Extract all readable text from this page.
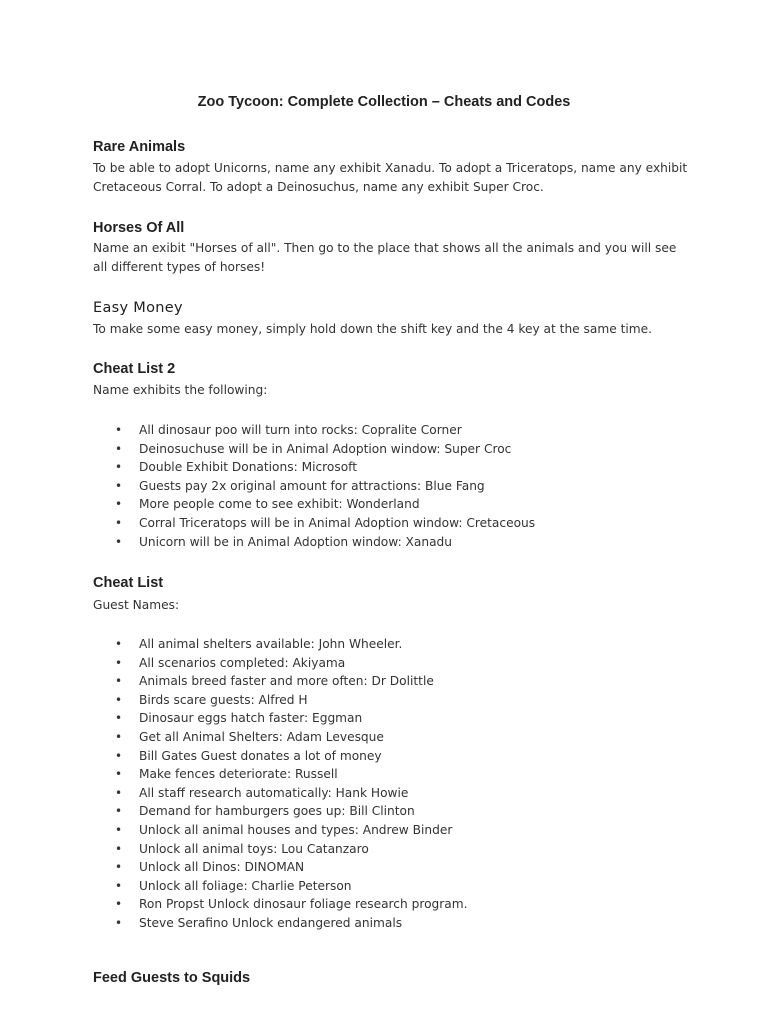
Zoo Tycoon: Complete Collection – Cheats and Codes
Rare Animals
To be able to adopt Unicorns, name any exhibit Xanadu. To adopt a Triceratops, name any exhibit Cretaceous Corral. To adopt a Deinosuchus, name any exhibit Super Croc.
Horses Of All
Name an exibit "Horses of all". Then go to the place that shows all the animals and you will see all different types of horses!
Easy Money
To make some easy money, simply hold down the shift key and the 4 key at the same time.
Cheat List 2
Name exhibits the following:
• All dinosaur poo will turn into rocks: Copralite Corner
• Deinosuchuse will be in Animal Adoption window: Super Croc
• Double Exhibit Donations: Microsoft
• Guests pay 2x original amount for attractions: Blue Fang
• More people come to see exhibit: Wonderland
• Corral Triceratops will be in Animal Adoption window: Cretaceous
• Unicorn will be in Animal Adoption window: Xanadu
Cheat List
Guest Names:
• All animal shelters available: John Wheeler.
• All scenarios completed: Akiyama
• Animals breed faster and more often: Dr Dolittle
• Birds scare guests: Alfred H
• Dinosaur eggs hatch faster: Eggman
• Get all Animal Shelters: Adam Levesque
• Bill Gates Guest donates a lot of money
• Make fences deteriorate: Russell
• All staff research automatically: Hank Howie
• Demand for hamburgers goes up: Bill Clinton
• Unlock all animal houses and types: Andrew Binder
• Unlock all animal toys: Lou Catanzaro
• Unlock all Dinos: DINOMAN
• Unlock all foliage: Charlie Peterson
• Ron Propst Unlock dinosaur foliage research program.
• Steve Serafino Unlock endangered animals
Feed Guests to Squids
